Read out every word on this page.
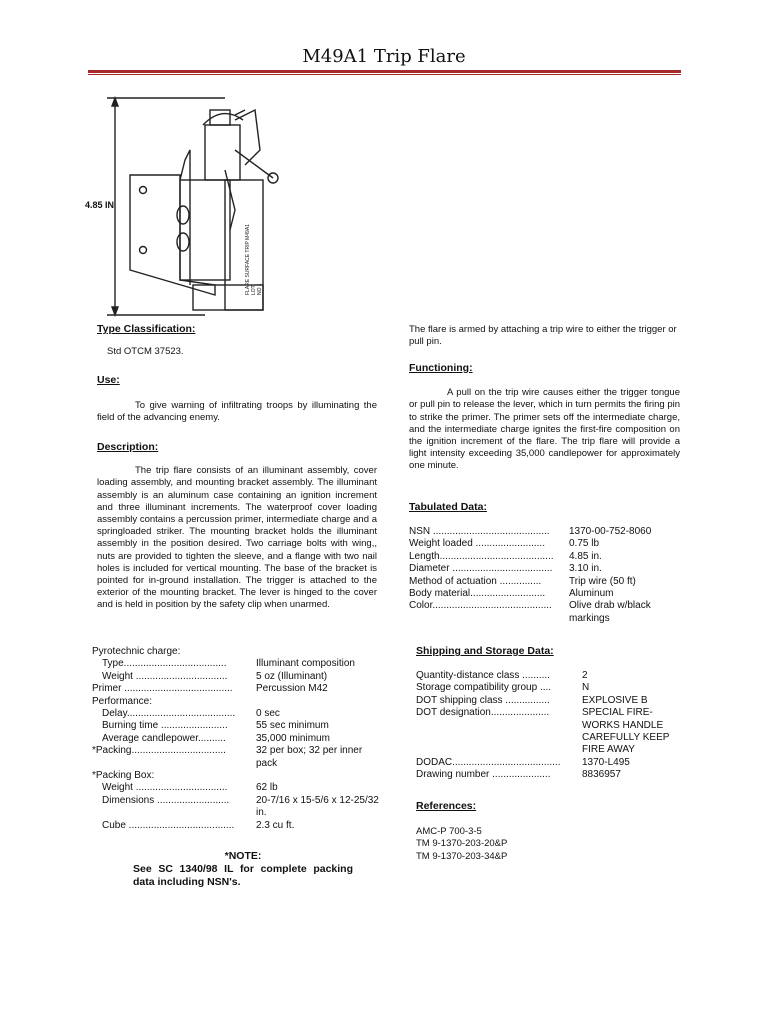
M49A1 Trip Flare
FLARE SURFACE TRIP M49A1 LOT NO 1
4.85 IN
Type Classification:
Std OTCM 37523.
Use:
To give warning of infiltrating troops by illuminating the field of the advancing enemy.
Description:
The trip flare consists of an illuminant assembly, cover loading assembly, and mounting bracket assembly. The illuminant assembly is an aluminum case containing an ignition increment and three illuminant increments. The waterproof cover loading assembly contains a percussion primer, intermediate charge and a springloaded striker. The mounting bracket holds the illuminant assembly in the position desired. Two carriage bolts with wing,, nuts are provided to tighten the sleeve, and a flange with two nail holes is included for vertical mounting. The base of the bracket is pointed for in-ground installation. The trigger is attached to the exterior of the mounting bracket. The lever is hinged to the cover and is held in position by the safety clip when unarmed.
Pyrotechnic charge:
Type.....................................	Illuminant composition
Weight .................................	5 oz (Illuminant)
Primer .......................................	Percussion M42
Performance:
Delay.......................................	0 sec
Burning time ........................	55 sec minimum
Average candlepower..........	35,000 minimum
*Packing..................................	32 per box; 32 per inner pack
*Packing Box:
Weight .................................	62 lb
Dimensions ..........................	20-7/16 x 15-5/6 x 12-25/32 in.
Cube ......................................	2.3 cu ft.
*NOTE:
See SC 1340/98 IL for complete packing data including NSN's.
The flare is armed by attaching a trip wire to either the trigger or pull pin.
Functioning:
A pull on the trip wire causes either the trigger tongue or pull pin to release the lever, which in turn permits the firing pin to strike the primer. The primer sets off the intermediate charge, and the intermediate charge ignites the first-fire composition on the ignition increment of the flare. The trip flare will provide a light intensity exceeding 35,000 candlepower for approximately one minute.
Tabulated Data:
NSN ..........................................	1370-00-752-8060
Weight loaded .........................	0.75 lb
Length.........................................	4.85 in.
Diameter ....................................	3.10 in.
Method of actuation ...............	Trip wire (50 ft)
Body material...........................	Aluminum
Color...........................................	Olive drab w/black markings
Shipping and Storage Data:
Quantity-distance class ..........	2
Storage compatibility group ....	N
DOT shipping class ................	EXPLOSIVE B
DOT designation.....................	SPECIAL FIRE- WORKS HANDLE CAREFULLY KEEP FIRE AWAY
DODAC.......................................	1370-L495
Drawing number .....................	8836957
References:
AMC-P 700-3-5
TM 9-1370-203-20&P
TM 9-1370-203-34&P
